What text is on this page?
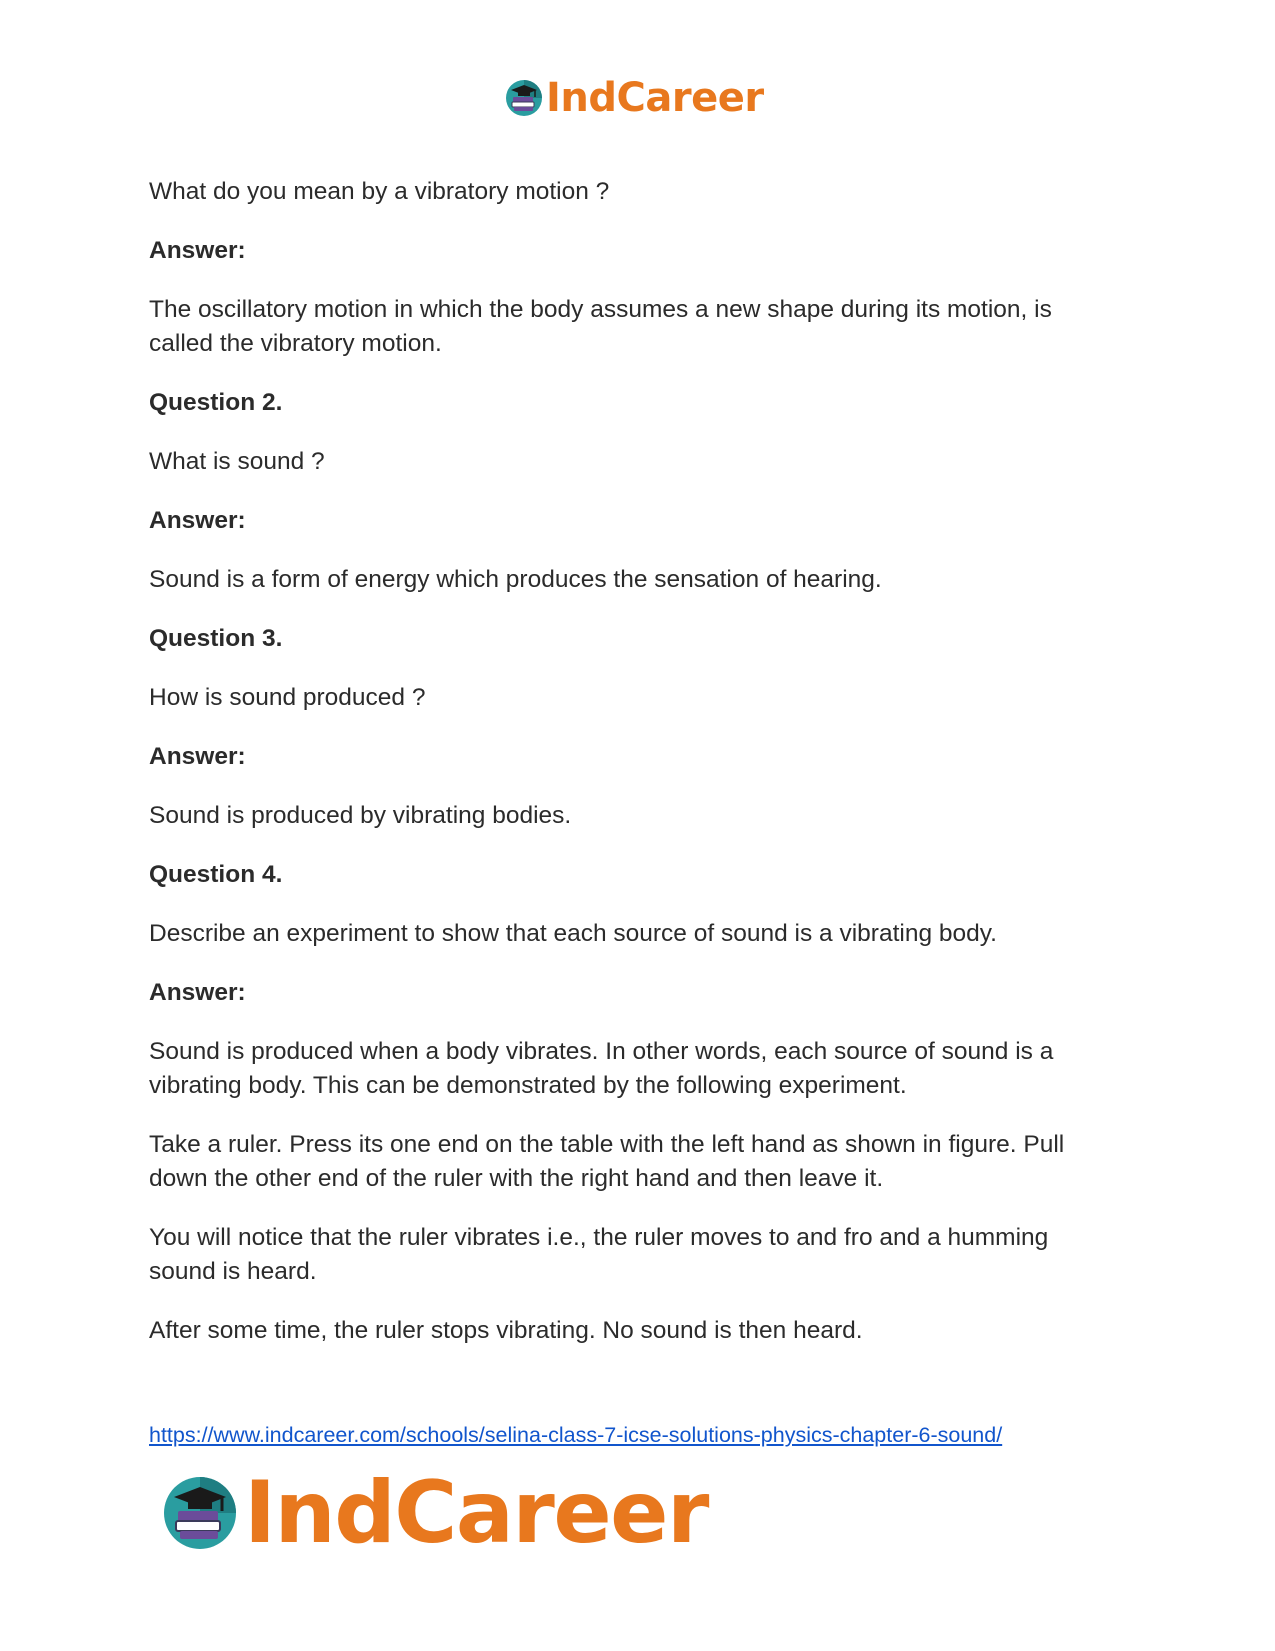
IndCareer

What do you mean by a vibratory motion ?

Answer:

The oscillatory motion in which the body assumes a new shape during its motion, is called the vibratory motion.

Question 2.

What is sound ?

Answer:

Sound is a form of energy which produces the sensation of hearing.

Question 3.

How is sound produced ?

Answer:

Sound is produced by vibrating bodies.

Question 4.

Describe an experiment to show that each source of sound is a vibrating body.

Answer:

Sound is produced when a body vibrates. In other words, each source of sound is a vibrating body. This can be demonstrated by the following experiment.

Take a ruler. Press its one end on the table with the left hand as shown in figure. Pull down the other end of the ruler with the right hand and then leave it.

You will notice that the ruler vibrates i.e., the ruler moves to and fro and a humming sound is heard.

After some time, the ruler stops vibrating. No sound is then heard.

https://www.indcareer.com/schools/selina-class-7-icse-solutions-physics-chapter-6-sound/
IndCareer
